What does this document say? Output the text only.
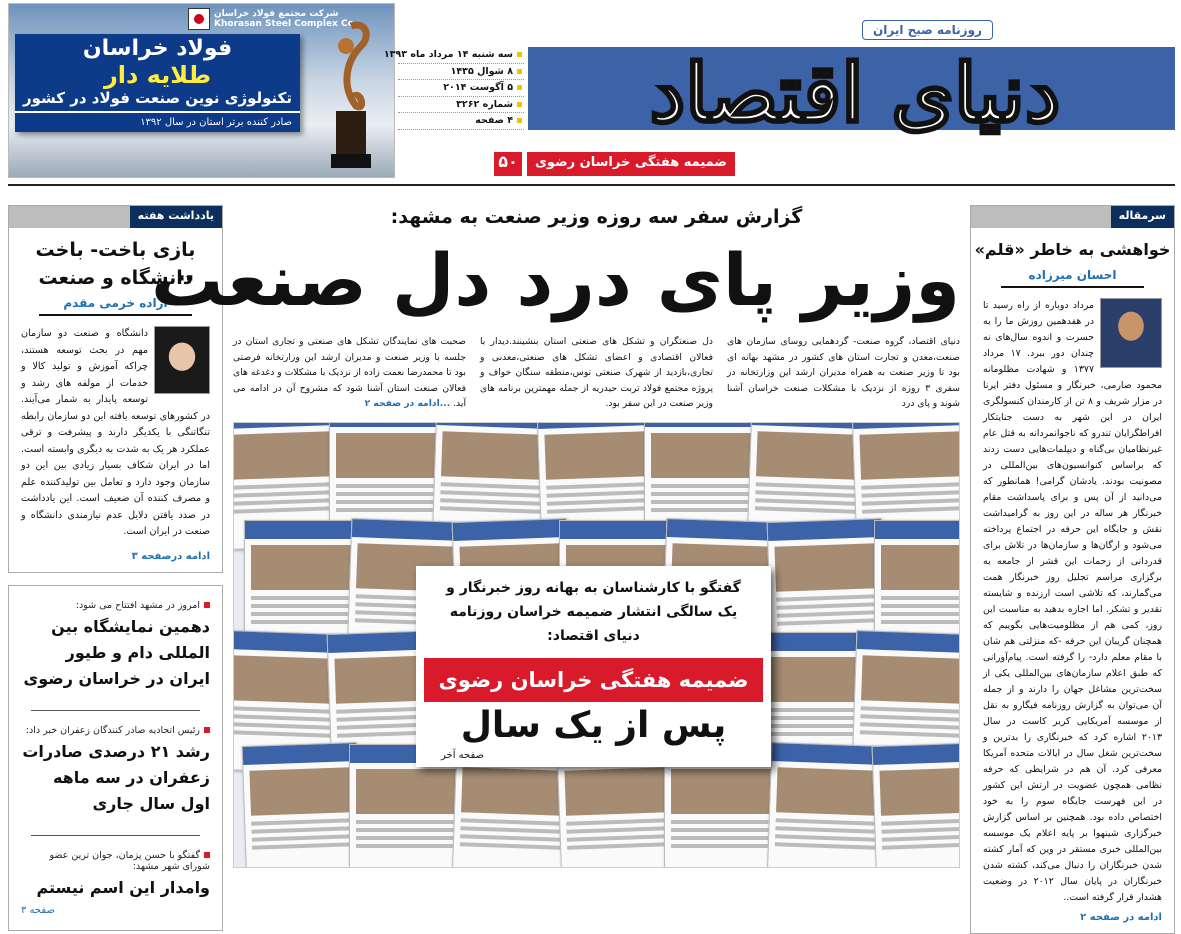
شرکت مجتمع فولاد خراسان
Khorasan Steel Complex Co.
فولاد خراسان
طلایه دار
تکنولوژی نوین صنعت فولاد در کشور
صادر کننده برتر استان در سال ۱۳۹۲
سه شنبه ۱۴ مرداد ماه ۱۳۹۳
۸ شوال ۱۴۳۵
۵ آگوست ۲۰۱۴
شماره ۳۲۶۲
۴ صفحه	دنیای اقتصاد
روزنامه صبح ایران
ضمیمه هفتگی خراسان رضوی
۵۰
یادداشت هفته
بازی باخت- باخت دانشگاه و صنعت
آزاده خرمی مقدم
دانشگاه و صنعت دو سازمان مهم در بحث توسعه هستند، چراکه آموزش و تولید کالا و خدمات از مولفه های رشد و توسعه پایدار به شمار می‌آیند. در کشورهای توسعه یافته این دو سازمان رابطه تنگاتنگی با یکدیگر دارند و پیشرفت و ترقی عملکرد هر یک به شدت به دیگری وابسته است. اما در ایران شکاف بسیار زیادی بین این دو سازمان وجود دارد و تعامل بین تولیدکننده علم و مصرف کننده آن ضعیف است. این یادداشت در صدد یافتن دلایل عدم نیازمندی دانشگاه و صنعت در ایران است.
ادامه درصفحه ۳
امروز در مشهد افتتاح می شود:
دهمین نمایشگاه بین المللی دام و طیور ایران در خراسان رضوی
رئیس اتحادیه صادر کنندگان زعفران خبر داد:
رشد ۲۱ درصدی صادرات زعفران در سه ماهه اول سال جاری
گفتگو با حسن پزمان، جوان ترین عضو شورای شهر مشهد:
وامدار این اسم نیستم
صفحه ۳
سرمقاله
خواهشی به خاطر «قلم»
احسان میرزاده
مرداد دوباره از راه رسید تا در هفدهمین روزش ما را به حسرت و اندوه سال‌های نه چندان دور ببرد. ۱۷ مرداد ۱۳۷۷ و شهادت مظلومانه محمود صارمی، خبرنگار و مسئول دفتر ایرنا در مزار شریف و ۸ تن از کارمندان کنسولگری ایران در این شهر به دست جنایتکار افراطگرایان تندرو که ناجوانمردانه به قتل عام غیرنظامیان بی‌گناه و دیپلمات‌هایی دست زدند که براساس کنوانسیون‌های بین‌المللی در مصونیت بودند. یادشان گرامی! همانطور که می‌دانید از آن پس و برای پاسداشت مقام خبرنگار هر ساله در این روز به گرامیداشت نقش و جایگاه این حرفه در اجتماع پرداخته می‌شود و ارگان‌ها و سازمان‌ها در تلاش برای قدردانی از زحمات این قشر از جامعه به برگزاری مراسم تجلیل روز خبرنگار همت می‌گمارند، که تلاشی است ارزنده و شایسته تقدیر و تشکر. اما اجازه بدهید به مناسبت این روز، کمی هم از مظلومیت‌هایی بگوییم که همچنان گریبان این حرفه -که منزلتی هم شان با مقام معلم دارد- را گرفته است. پیام‌آورانی که طبق اعلام سازمان‌های بین‌المللی یکی از سخت‌ترین مشاغل جهان را دارند و از جمله آن می‌توان به گزارش روزنامه فیگارو به نقل از موسسه آمریکایی کریر کاست در سال ۲۰۱۳ اشاره کرد که خبرنگاری را بدترین و سخت‌ترین شغل سال در ایالات متحده آمریکا معرفی کرد. آن هم در شرایطی که حرفه نظامی همچون عضویت در ارتش این کشور در این فهرست جایگاه سوم را به خود اختصاص داده بود. همچنین بر اساس گزارش خبرگزاری شینهوا بر پایه اعلام یک موسسه بین‌المللی خبری مستقر در وین که آمار کشته شدن خبرنگاران را دنبال می‌کند، کشته شدن خبرنگاران در پایان سال ۲۰۱۲ در وضعیت هشدار قرار گرفته است..
ادامه در صفحه ۲
گزارش سفر سه روزه وزیر صنعت به مشهد:
وزیر پای درد دل صنعت

دنیای اقتصاد، گروه صنعت- گردهمایی روسای سازمان های صنعت،معدن و تجارت استان های کشور در مشهد بهانه ای بود تا وزیر صنعت به همراه مدیران ارشد این وزارتخانه در سفری ۳ روزه از نزدیک با مشکلات صنعت خراسان آشنا شوند و پای درد

دل صنعتگران و تشکل های صنعتی استان بنشینند.دیدار با فعالان اقتصادی و اعضای تشکل های صنعتی،معدنی و تجاری،بازدید از شهرک صنعتی توس،منطقه سنگان خواف و پروژه مجتمع فولاد تربت حیدریه از جمله مهمترین برنامه های وزیر صنعت در این سفر بود.

صحبت های نمایندگان تشکل های صنعتی و تجاری استان در جلسه با وزیر صنعت و مدیران ارشد این وزارتخانه فرصتی بود تا محمدرضا نعمت زاده از نزدیک با مشکلات و دغدغه های فعالان صنعت استان آشنا شود که مشروح آن در ادامه می آید. ...ادامه در صفحه ۲

گفتگو با کارشناسان به بهانه روز خبرنگار و یک سالگی انتشار ضمیمه خراسان روزنامه دنیای اقتصاد:
ضمیمه هفتگی خراسان رضوی
پس از یک سال
صفحه آخر
